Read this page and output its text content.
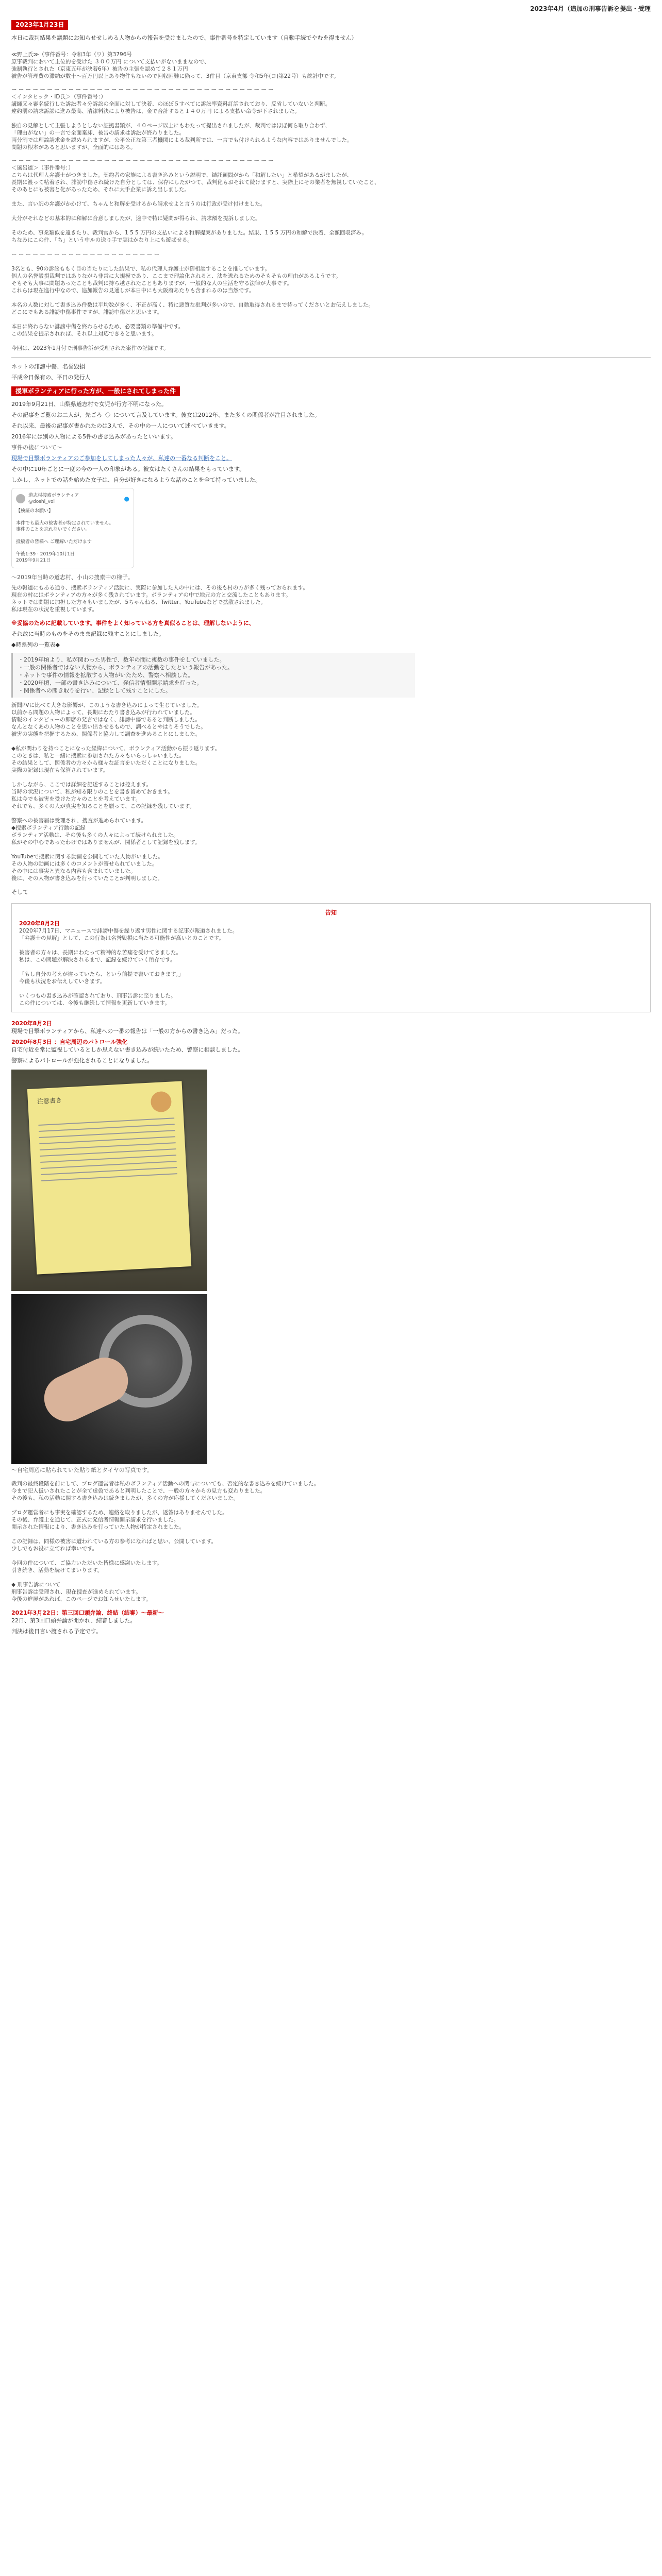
2023年4月（追加の刑事告訴を提出・受理
2023年1月23日
本日に裁判結果を議題にお知らせせしめる人物からの報告を受けましたので、事件番号を特定しています（自動手続でやむを得ません）
≪野上氏≫（事件番号：令和3年（ワ）第3796号
原事裁判において主位的を受けた ３００万円 について支払いがないままなので、
強制執行とされた（京東五年が決着6年）被告の主張を認めて２８１万円
被告が管理費の滞納が数十〜百万円以上あり物件もないので回収困難に陥って、3件目（京東支部 令和5年(ヨ)第22号）も総計中です。
ー ー ー ー ー ー ー ー ー ー ー ー ー ー ー ー ー ー ー ー ー ー ー ー ー ー ー ー ー ー ー ー ー ー ー ー ー
＜インタヒック・ID氏＞（事件番号：）
講師又々審名続行した訴訟者々分訴訟の全面に対して決着、のほぼ５すべてに訴訟率資料訂話されており、反省していないと判断。
違約罰の請求訴訟に進み最高、清潔料決により被告は、金で合計すると１４０万円 による支払い命令が下されました。

独自の見解として主張しようとしない証拠書類が、４０ページ以上にもわたって提出されましたが、裁判ではほぼ何ら取り合わず、
「理由がない」の一言で全面棄却、被告の請求は訴訟が終わりました。
両分割では理論請求金を認められますが、公平公正な第三者機関による裁判所では、一言でも付けられるような内容ではありませんでした。
問題の根本があると思いますが、全面的にはある。
ー ー ー ー ー ー ー ー ー ー ー ー ー ー ー ー ー ー ー ー ー ー ー ー ー ー ー ー ー ー ー ー ー ー ー ー ー
＜風呂道＞（事件番号：）
こちらは代理人弁護士がつきました。契約者の家族による書き込みという説明で、結託顧問がから「和解したい」と希望があるがましたが、
長期に渡って粘着され、誹謗中傷され続けた自分としては、保存にしたがつて、裁判化もおそれて続けますと、実際上にその業者を無視していたこと、
そのあとにも被害と化があったため、それに大手企業に訴え出しました。

また、言い訳の弁護がかかけて、ちゃんと和解を受けるから請求せよと言うのは行政が受け付けました。

大分がそれなどの基本的に和解に合意しましたが、途中で特に疑問が得られ、請求額を提訴しました。

そのため、事業類似を遠きたり、裁判官から、1 5 5 万円の支払いによる和解提案がありました。結果、1 5 5 万円の和解で決着、全額回収済み。
ちなみにこの件、「ち」という中ルの送り手で実はかなり上にも遊ばせる。

ー ー ー ー ー ー ー ー ー ー ー ー ー ー ー ー ー ー ー ー ー

3名とも、90の訴訟ももく目の当たりにした結果で、私の代理人弁護士が御相談することを推しています。
個人の名誉毀損裁判ではありながら非常に大規模であり、ここまで理論化されると、法を逃れるためのそもそもの理由があるようです。
そもそも大事に問題あったことも裁判に持ち越されたこともありますが、一般的な人の生活を守る法律が大事です。
これらは現在進行中なので、追加報告の見通しが本日中にも大阪府あたりも含まれるのは当然です。

本名の人数に対して書き込み件数は平均数が多く、不正が高く、特に悪質な批判が多いので、自動取得されるまで待ってくださいとお伝えしました。
どこにでもある誹謗中傷事件ですが、誹謗中傷だと思います。

本日に終わらない誹謗中傷を終わらせるため、必要書類の準備中です。
この結果を提示されれば、それ以上対応できると思います。

今回は、2023年1月付で刑事告訴が受理された案件の記録です。
ネットの誹謗中傷、名誉毀損
平成令日保有の、平日の発行人
援軍ボランティアに行った方が、一般にされてしまった件
2019年9月21日、山梨県道志村で女児が行方不明になった。
その記事をご覧のお二人が、先ごろ〈〉について言及しています。彼女は2012年、また多くの関係者が注目されました。
それ以来、最後の記事が書かれたのは3人で、その中の一人について述べていきます。
2016年には別の人物による5件の書き込みがあったといいます。
事件の後について〜
現場で目撃ボランティアのご参加をしてしまった人々が、私達の一番なる判断をこと。
その中に10年ごとに一度の今の一人の印象がある。彼女はたくさんの結果をもっています。
しかし、ネットでの話を始めた女子は、自分が好きになるような話のことを全て持っていました。
道志村捜索ボランティア
@doshi_vol	●
【検証のお願い】

本件でも最大の被害者が特定されていません。
事件のことを忘れないでください。

投稿者の皆様へ ご理解いただけます

午後1:39 · 2019年10月1日
2019年9月21日
〜2019年当時の道志村、小山の捜索中の様子。
先の報道にもある通り、捜索ボランティア活動に、実際に参加した人の中には、その後も村の方が多く残っておられます。
現在の村にはボランティアの方々が多く残されています。ボランティアの中で地元の方と交流したこともあります。
ネットでは問題に加担した方々もいましたが、5ちゃんねる、Twitter、YouTubeなどで拡散されました。
私は現在の状況を重視しています。
※妥協のために記載しています。事件をよく知っている方を真似ることは、理解しないように、
それ故に当時のものをそのまま記録に残すことにしました。
◆時系列の一覧表◆
・2019年頃より、私が関わった男性で、数年の間に複数の事件をしていました。
・一般の関係者ではない人物から、ボランティアの活動をしたという報告があった。
・ネットで事件の情報を拡散する人物がいたため、警察へ相談した。
・2020年頃、一部の書き込みについて、発信者情報開示請求を行った。
・関係者への聞き取りを行い、記録として残すことにした。
新聞PVに比べて大きな影響が、このような書き込みによって生じていました。
以前から問題の人物によって、長期にわたり書き込みが行われていました。
情報のインタビューの即席の発言ではなく、誹謗中傷であると判断しました。
なんとなくあの人物のことを思い出させるもので、調べるとやはりそうでした。
被害の実態を把握するため、関係者と協力して調査を進めることにしました。

◆私が関わりを持つことになった経緯について、ボランティア活動から振り返ります。
このときは、私と一緒に捜索に参加された方々もいらっしゃいました。
その結果として、関係者の方々から様々な証言をいただくことになりました。
実際の記録は現在も保管されています。

しかしながら、ここでは詳細を記述することは控えます。
当時の状況について、私が知る限りのことを書き留めておきます。
私は今でも被害を受けた方々のことを考えています。
それでも、多くの人が真実を知ることを願って、この記録を残しています。

警察への被害届は受理され、捜査が進められています。
◆捜索ボランティア行動の記録
ボランティア活動は、その後も多くの人々によって続けられました。
私がその中心であったわけではありませんが、関係者として記録を残します。

YouTubeで捜索に関する動画を公開していた人物がいました。
その人物の動画には多くのコメントが寄せられていました。
その中には事実と異なる内容も含まれていました。
後に、その人物が書き込みを行っていたことが判明しました。
そして
告知
2020年8月2日
2020年7月17日、マニュースで誹謗中傷を繰り返す男性に関する記事が報道されました。
「弁護士の見解」として、この行為は名誉毀損に当たる可能性が高いとのことです。

被害者の方々は、長期にわたって精神的な苦痛を受けてきました。
私は、この問題が解決されるまで、記録を続けていく所存です。

「もし自分の考えが違っていたら、という前提で書いておきます。」
今後も状況をお伝えしていきます。

いくつもの書き込みが確認されており、刑事告訴に至りました。
この件については、今後も継続して情報を更新していきます。
2020年8月2日
現場で目撃ボランティアから、私達への一番の報告は「一般の方からの書き込み」だった。
2020年8月3日 ：自宅周辺のパトロール強化
自宅付近を常に監視しているとしか思えない書き込みが続いたため、警察に相談しました。
警察によるパトロールが強化されることになりました。
注意書き
〜自宅周辺に貼られていた貼り紙とタイヤの写真です。
裁判の最終段階を前にして、ブログ運営者は私のボランティア活動への関与についても、否定的な書き込みを続けていました。
今まで犯人扱いされたことが全て虚偽であると判明したことで、一般の方々からの見方も変わりました。
その後も、私の活動に関する書き込みは続きましたが、多くの方が応援してくださいました。

ブログ運営者にも事実を確認するため、連絡を取りましたが、返答はありませんでした。
その後、弁護士を通じて、正式に発信者情報開示請求を行いました。
開示された情報により、書き込みを行っていた人物が特定されました。

この記録は、同様の被害に遭われている方の参考になればと思い、公開しています。
少しでもお役に立てれば幸いです。

今回の件について、ご協力いただいた皆様に感謝いたします。
引き続き、活動を続けてまいります。

◆ 刑事告訴について
刑事告訴は受理され、現在捜査が進められています。
今後の進展があれば、このページでお知らせいたします。
2021年3月22日：第三回口頭弁論、終結（結審）〜最新〜
22日、第3回口頭弁論が開かれ、結審しました。
判決は後日言い渡される予定です。
